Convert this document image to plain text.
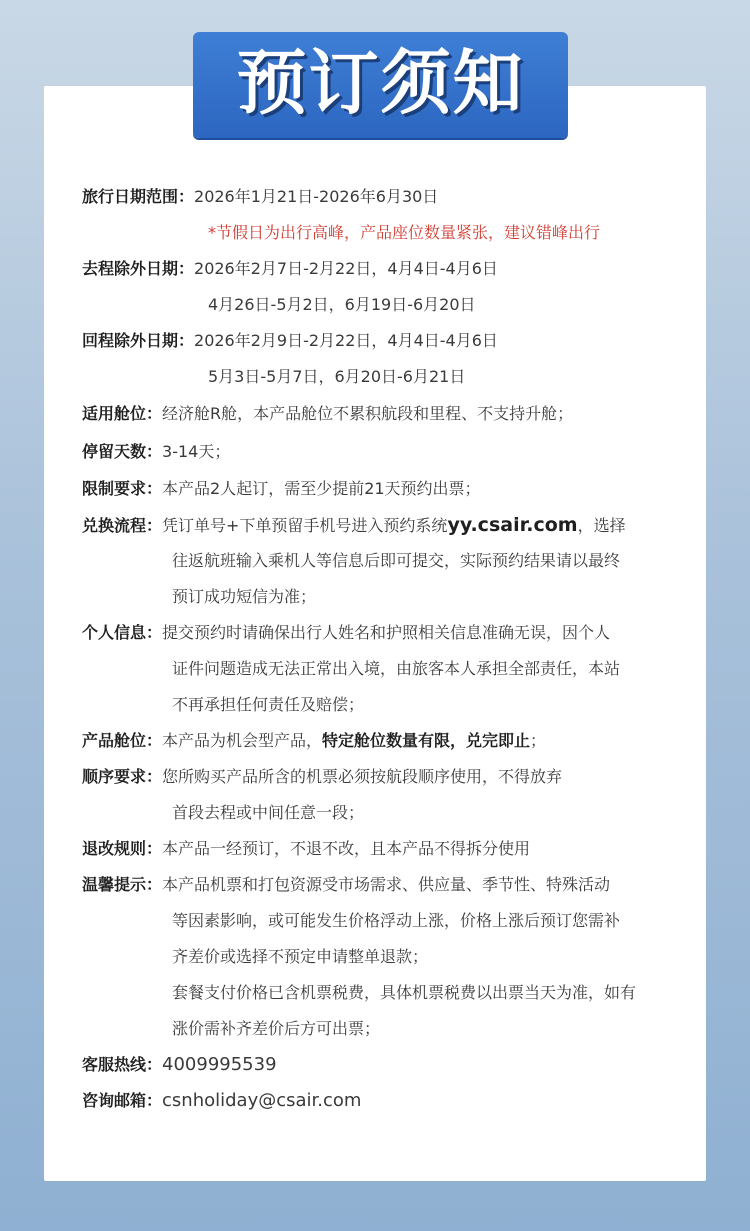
预订须知
旅行日期范围：2026年1月21日-2026年6月30日
*节假日为出行高峰，产品座位数量紧张，建议错峰出行
去程除外日期：2026年2月7日-2月22日，4月4日-4月6日
4月26日-5月2日，6月19日-6月20日
回程除外日期：2026年2月9日-2月22日，4月4日-4月6日
5月3日-5月7日，6月20日-6月21日
适用舱位：经济舱R舱，本产品舱位不累积航段和里程、不支持升舱；
停留天数：3-14天；
限制要求：本产品2人起订，需至少提前21天预约出票；
兑换流程：凭订单号+下单预留手机号进入预约系统yy.csair.com，选择
往返航班输入乘机人等信息后即可提交，实际预约结果请以最终
预订成功短信为准；
个人信息：提交预约时请确保出行人姓名和护照相关信息准确无误，因个人
证件问题造成无法正常出入境，由旅客本人承担全部责任，本站
不再承担任何责任及赔偿；
产品舱位：本产品为机会型产品，特定舱位数量有限，兑完即止；
顺序要求：您所购买产品所含的机票必须按航段顺序使用，不得放弃
首段去程或中间任意一段；
退改规则：本产品一经预订，不退不改，且本产品不得拆分使用
温馨提示：本产品机票和打包资源受市场需求、供应量、季节性、特殊活动
等因素影响，或可能发生价格浮动上涨，价格上涨后预订您需补
齐差价或选择不预定申请整单退款；
套餐支付价格已含机票税费，具体机票税费以出票当天为准，如有
涨价需补齐差价后方可出票；
客服热线：4009995539
咨询邮箱：csnholiday@csair.com
